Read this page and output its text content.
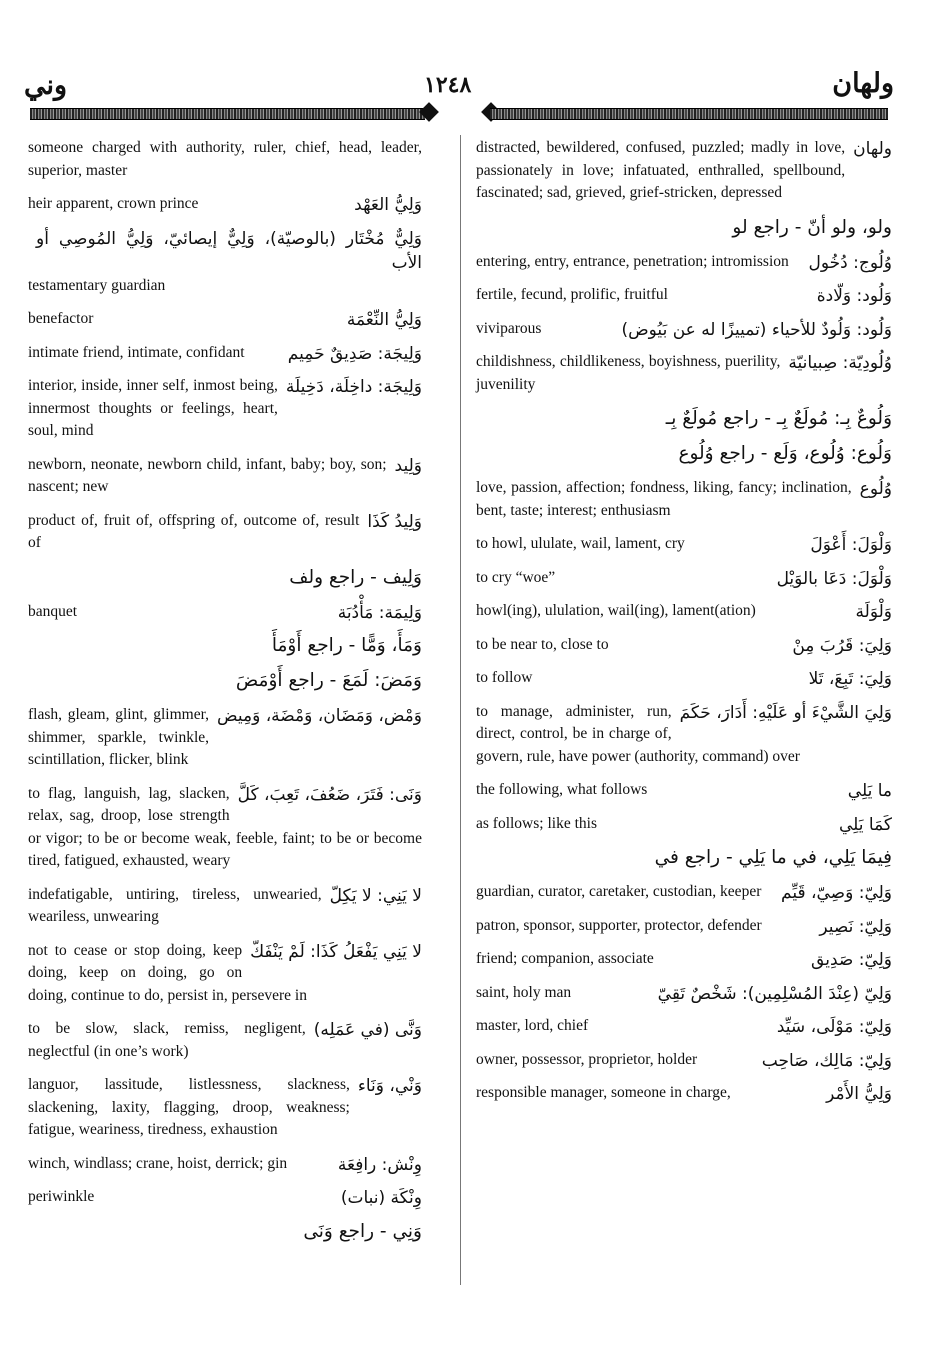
وني	١٢٤٨	ولهان
someone charged with authority, ruler, chief, head, leader, superior, master
وَلِيُّ العَهْد
heir apparent, crown prince
وَلِيٌّ مُخْتَار (بالوصيّة)، وَلِيٌّ إيصائيّ، وَلِيُّ المُوصِي أو الأب
testamentary guardian
وَلِيُّ النِّعْمَة
benefactor
وَلِيجَة: صَدِيقٌ حَمِيم
intimate friend, intimate, confidant
وَلِيجَة: داخِلَة، دَخِيلَة
interior, inside, inner self, inmost being, innermost thoughts or feelings, heart, soul, mind
وَلِيد
newborn, neonate, newborn child, infant, baby; boy, son; nascent; new
وَلِيدُ كَذَا
product of, fruit of, offspring of, outcome of, result of
وَلِيف - راجع ولف
وَلِيمَة: مَأْدُبَة
banquet
وَمَأَ، وَمًّا - راجع أَوْمَأَ
وَمَضَ: لَمَعَ - راجع أَوْمَضَ
وَمْض، وَمَضَان، وَمْضَة، وَمِيض
flash, gleam, glint, glimmer, shimmer, sparkle, twinkle, scintillation, flicker, blink
وَنَى: فَتَرَ، ضَعُفَ، تَعِبَ، كَلَّ
to flag, languish, lag, slacken, relax, sag, droop, lose strength or vigor; to be or become weak, feeble, faint; to be or become tired, fatigued, exhausted, weary
لا يَنِي: لا يَكِلّ
indefatigable, untiring, tireless, unwearied, weariless, unwearing
لا يَنِي يَفْعَلُ كَذَا: لَمْ يَنْفَكّ
not to cease or stop doing, keep doing, keep on doing, go on doing, continue to do, persist in, persevere in
وَنَّى (في عَمَلِه)
to be slow, slack, remiss, negligent, neglectful (in one’s work)
وَنْي، وَنَاء
languor, lassitude, listlessness, slackness, slackening, laxity, flagging, droop, weakness; fatigue, weariness, tiredness, exhaustion
وِنْش: رافِعَة
winch, windlass; crane, hoist, derrick; gin
وِنْكَة (نبات)
periwinkle
وَنِي - راجع وَنَى
ولهان
distracted, bewildered, confused, puzzled; madly in love, passionately in love; infatuated, enthralled, spellbound, fascinated; sad, grieved, grief-stricken, depressed
ولو، ولو أنّ - راجع لو
وُلُوج: دُخُول
entering, entry, entrance, penetration; intromission
وَلُود: وَلّادة
fertile, fecund, prolific, fruitful
وَلُود: وَلُودٌ للأحياء (تمييزًا له عن بَيُوض)
viviparous
وُلُودِيّة: صِبيانيّة
childishness, childlikeness, boyishness, puerility, juvenility
وَلُوعٌ بِـ: مُولَعٌ بِـ - راجع مُولَعٌ بِـ
وَلُوع: وُلُوع، وَلَع - راجع وُلُوع
وُلُوع
love, passion, affection; fondness, liking, fancy; inclination, bent, taste; interest; enthusiasm
وَلْوَلَ: أَعْوَلَ
to howl, ululate, wail, lament, cry
وَلْوَلَ: دَعَا بالوَيْل
to cry “woe”
وَلْوَلَة
howl(ing), ululation, wail(ing), lament(ation)
وَلِيَ: قَرُبَ مِنْ
to be near to, close to
وَلِيَ: تَبِعَ، تَلا
to follow
وَلِيَ الشَّيْءَ أو عَلَيْهِ: أَدَارَ، حَكَمَ
to manage, administer, run, direct, control, be in charge of, govern, rule, have power (authority, command) over
ما يَلِي
the following, what follows
كَمَا يَلِي
as follows; like this
فِيمَا يَلِي، في ما يَلِي - راجع في
وَلِيّ: وَصِيّ، قَيِّم
guardian, curator, caretaker, custodian, keeper
وَلِيّ: نَصِير
patron, sponsor, supporter, protector, defender
وَلِيّ: صَدِيق
friend; companion, associate
وَلِيّ (عِنْدَ المُسْلِمِين): شَخْصٌ تَقِيّ
saint, holy man
وَلِيّ: مَوْلَى، سَيِّد
master, lord, chief
وَلِيّ: مَالِك، صَاحِب
owner, possessor, proprietor, holder
وَلِيُّ الأَمْر
responsible manager, someone in charge,
